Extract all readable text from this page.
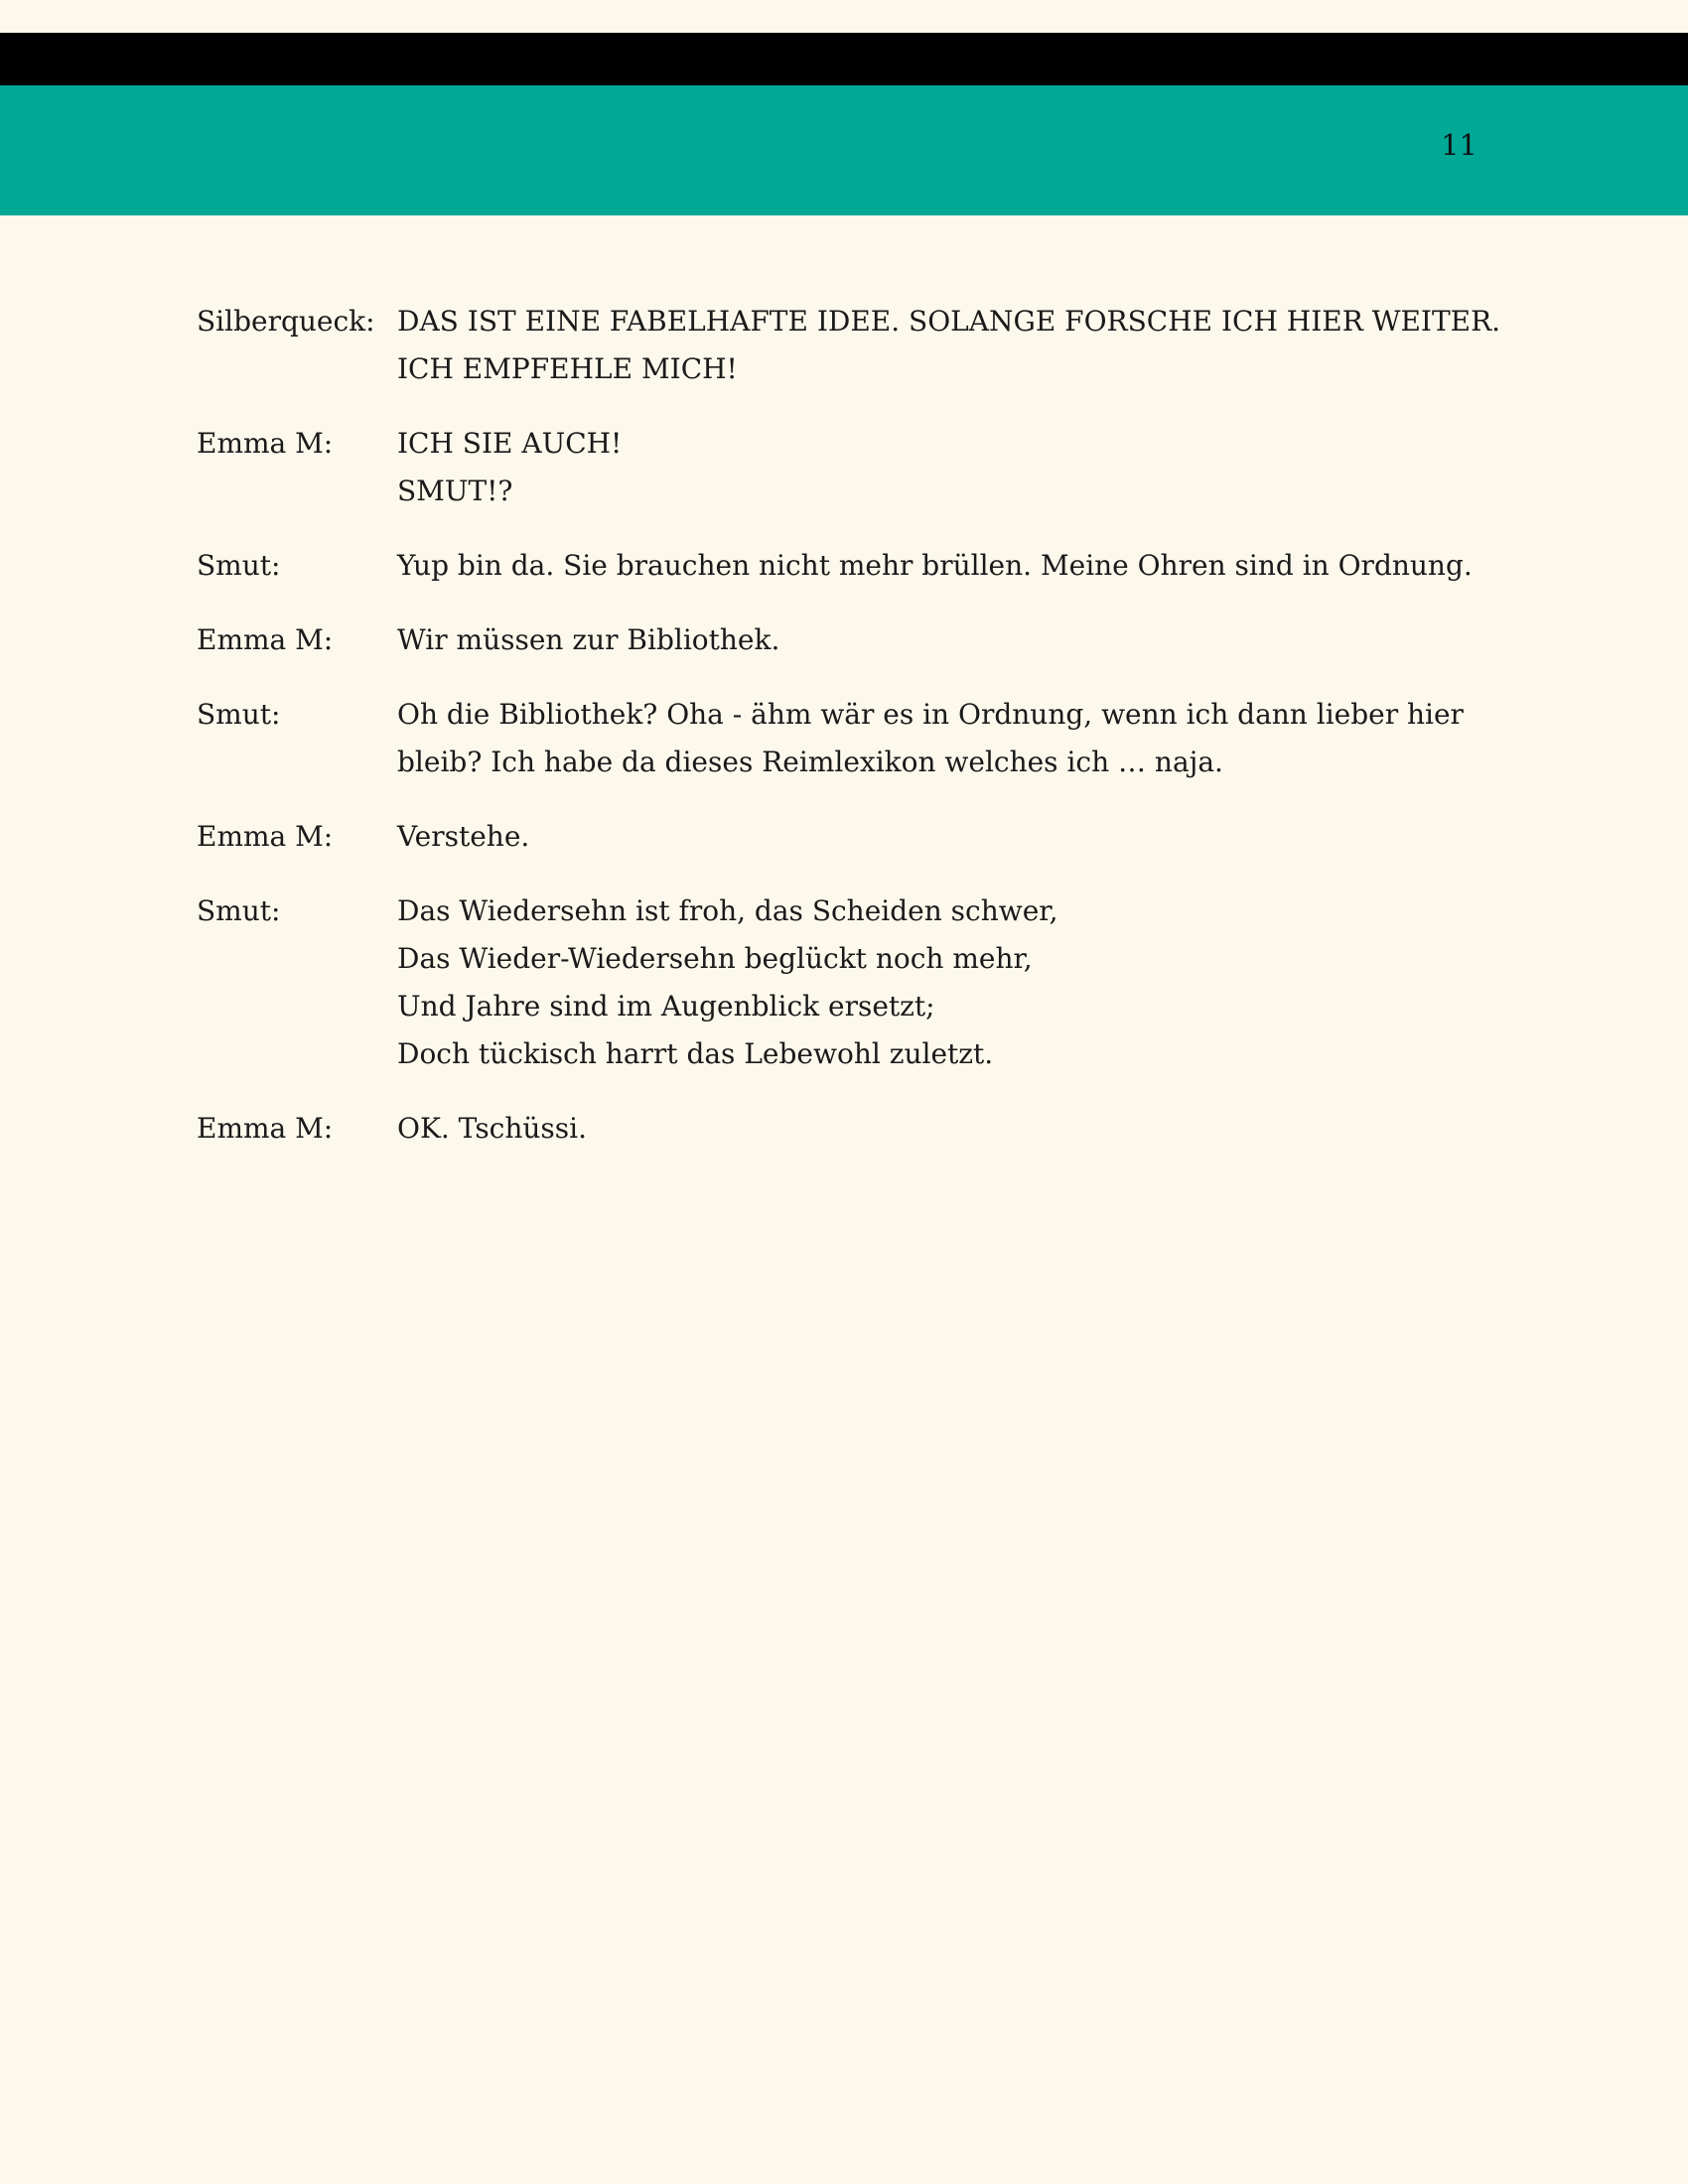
11
Silberqueck: DAS IST EINE FABELHAFTE IDEE. SOLANGE FORSCHE ICH HIER WEITER.
ICH EMPFEHLE MICH!
Emma M:	ICH SIE AUCH!
SMUT!?
Smut:	Yup bin da. Sie brauchen nicht mehr brüllen. Meine Ohren sind in Ordnung.
Emma M:	Wir müssen zur Bibliothek.
Smut:	Oh die Bibliothek? Oha - ähm wär es in Ordnung, wenn ich dann lieber hier
bleib? Ich habe da dieses Reimlexikon welches ich … naja.
Emma M:	Verstehe.
Smut:	Das Wiedersehn ist froh, das Scheiden schwer,
Das Wieder-Wiedersehn beglückt noch mehr,
Und Jahre sind im Augenblick ersetzt;
Doch tückisch harrt das Lebewohl zuletzt.
Emma M:	OK. Tschüssi.
